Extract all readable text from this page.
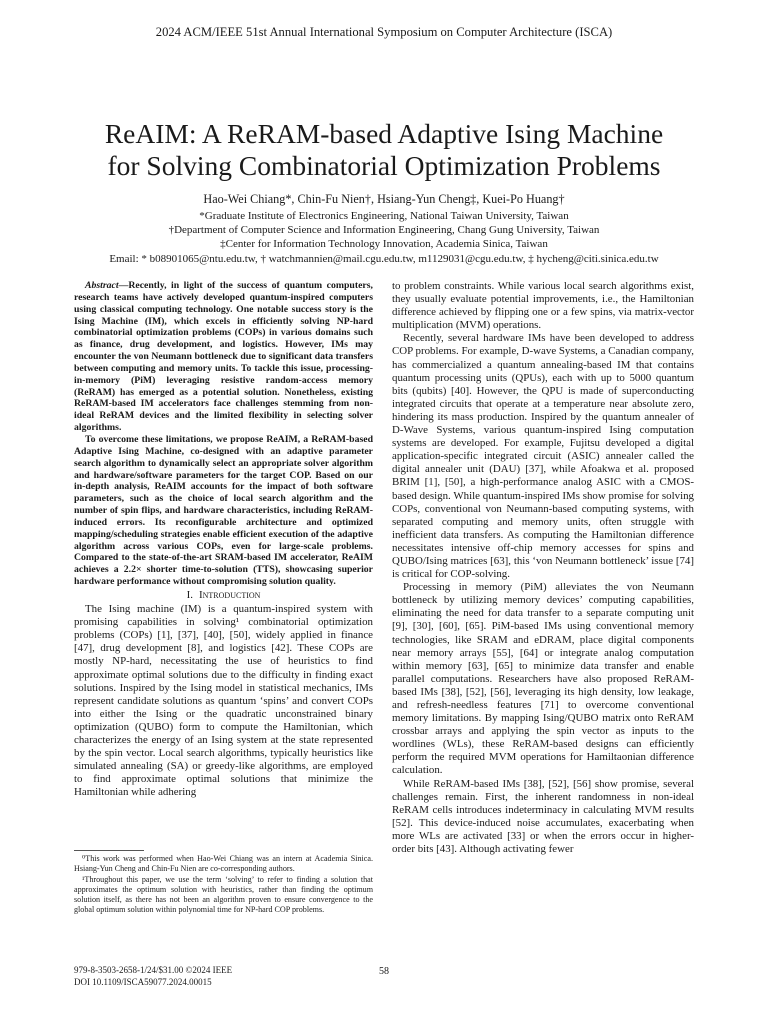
2024 ACM/IEEE 51st Annual International Symposium on Computer Architecture (ISCA)
ReAIM: A ReRAM-based Adaptive Ising Machine
for Solving Combinatorial Optimization Problems
Hao-Wei Chiang*, Chin-Fu Nien†, Hsiang-Yun Cheng‡, Kuei-Po Huang†
*Graduate Institute of Electronics Engineering, National Taiwan University, Taiwan
†Department of Computer Science and Information Engineering, Chang Gung University, Taiwan
‡Center for Information Technology Innovation, Academia Sinica, Taiwan
Email: * b08901065@ntu.edu.tw, † watchmannien@mail.cgu.edu.tw, m1129031@cgu.edu.tw, ‡ hycheng@citi.sinica.edu.tw

Abstract—Recently, in light of the success of quantum computers, research teams have actively developed quantum-inspired computers using classical computing technology. One notable success story is the Ising Machine (IM), which excels in efficiently solving NP-hard combinatorial optimization problems (COPs) in various domains such as finance, drug development, and logistics. However, IMs may encounter the von Neumann bottleneck due to significant data transfers between computing and memory units. To tackle this issue, processing-in-memory (PiM) leveraging resistive random-access memory (ReRAM) has emerged as a potential solution. Nonetheless, existing ReRAM-based IM accelerators face challenges stemming from non-ideal ReRAM devices and the limited flexibility in selecting solver algorithms.

To overcome these limitations, we propose ReAIM, a ReRAM-based Adaptive Ising Machine, co-designed with an adaptive parameter search algorithm to dynamically select an appropriate solver algorithm and hardware/software parameters for the target COP. Based on our in-depth analysis, ReAIM accounts for the impact of both software parameters, such as the choice of local search algorithm and the number of spin flips, and hardware characteristics, including ReRAM-induced errors. Its reconfigurable architecture and optimized mapping/scheduling strategies enable efficient execution of the adaptive algorithm across various COPs, even for large-scale problems. Compared to the state-of-the-art SRAM-based IM accelerator, ReAIM achieves a 2.2× shorter time-to-solution (TTS), showcasing superior hardware performance without compromising solution quality.

I. Introduction

The Ising machine (IM) is a quantum-inspired system with promising capabilities in solving¹ combinatorial optimization problems (COPs) [1], [37], [40], [50], widely applied in finance [47], drug development [8], and logistics [42]. These COPs are mostly NP-hard, necessitating the use of heuristics to find approximate optimal solutions due to the difficulty in finding exact solutions. Inspired by the Ising model in statistical mechanics, IMs represent candidate solutions as quantum ‘spins’ and convert COPs into either the Ising or the quadratic unconstrained binary optimization (QUBO) form to compute the Hamiltonian, which characterizes the energy of an Ising system at the state represented by the spin vector. Local search algorithms, typically heuristics like simulated annealing (SA) or greedy-like algorithms, are employed to find approximate optimal solutions that minimize the Hamiltonian while adhering

⁰This work was performed when Hao-Wei Chiang was an intern at Academia Sinica. Hsiang-Yun Cheng and Chin-Fu Nien are co-corresponding authors.

¹Throughout this paper, we use the term ‘solving’ to refer to finding a solution that approximates the optimum solution with heuristics, rather than finding the optimum solution itself, as there has not been an algorithm proven to ensure convergence to the global optimum solution within polynomial time for NP-hard COP problems.

to problem constraints. While various local search algorithms exist, they usually evaluate potential improvements, i.e., the Hamiltonian difference achieved by flipping one or a few spins, via matrix-vector multiplication (MVM) operations.

Recently, several hardware IMs have been developed to address COP problems. For example, D-wave Systems, a Canadian company, has commercialized a quantum annealing-based IM that contains quantum processing units (QPUs), each with up to 5000 quantum bits (qubits) [40]. However, the QPU is made of superconducting integrated circuits that operate at a temperature near absolute zero, hindering its mass production. Inspired by the quantum annealer of D-Wave Systems, various quantum-inspired Ising computation systems are developed. For example, Fujitsu developed a digital application-specific integrated circuit (ASIC) annealer called the digital annealer unit (DAU) [37], while Afoakwa et al. proposed BRIM [1], [50], a high-performance analog ASIC with a CMOS-based design. While quantum-inspired IMs show promise for solving COPs, conventional von Neumann-based computing systems, with separated computing and memory units, often struggle with inefficient data transfers. As computing the Hamiltonian difference necessitates intensive off-chip memory accesses for spins and QUBO/Ising matrices [63], this ‘von Neumann bottleneck’ issue [74] is critical for COP-solving.

Processing in memory (PiM) alleviates the von Neumann bottleneck by utilizing memory devices’ computing capabilities, eliminating the need for data transfer to a separate computing unit [9], [30], [60], [65]. PiM-based IMs using conventional memory technologies, like SRAM and eDRAM, place digital components near memory arrays [55], [64] or integrate analog computation within memory [63], [65] to minimize data transfer and enable parallel computations. Researchers have also proposed ReRAM-based IMs [38], [52], [56], leveraging its high density, low leakage, and refresh-needless features [71] to overcome conventional memory limitations. By mapping Ising/QUBO matrix onto ReRAM crossbar arrays and applying the spin vector as inputs to the wordlines (WLs), these ReRAM-based designs can efficiently perform the required MVM operations for Hamiltaonian difference calculation.

While ReRAM-based IMs [38], [52], [56] show promise, several challenges remain. First, the inherent randomness in non-ideal ReRAM cells introduces indeterminacy in calculating MVM results [52]. This device-induced noise accumulates, exacerbating when more WLs are activated [33] or when the errors occur in higher-order bits [43]. Although activating fewer

979-8-3503-2658-1/24/$31.00 ©2024 IEEE
DOI 10.1109/ISCA59077.2024.00015
58
